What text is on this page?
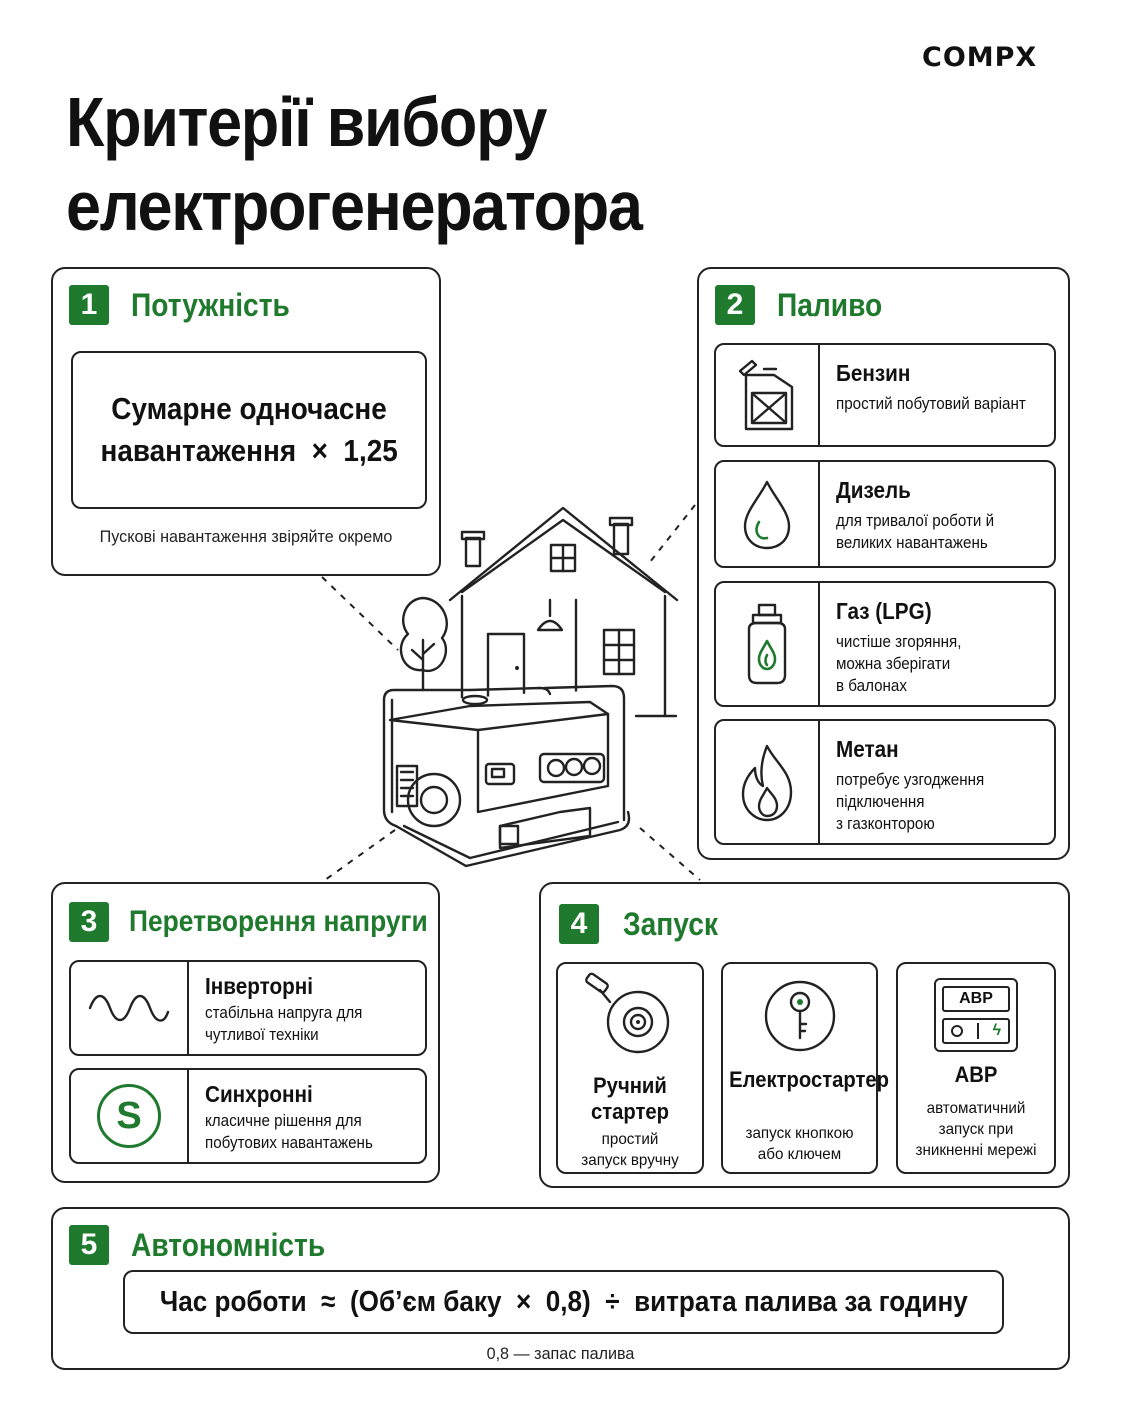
COMPX
Критерії вибору
електрогенератора
1	Потужність
Сумарне одночасне
навантаження  ×  1,25
Пускові навантаження звіряйте окремо
2	Паливо
Бензин
простий побутовий варіант
Дизель
для тривалої роботи й
великих навантажень
Газ (LPG)
чистіше згоряння,
можна зберігати
в балонах
Метан
потребує узгодження
підключення
з газконторою
3	Перетворення напруги
Інверторні
стабільна напруга для
чутливої техніки
S
Синхронні
класичне рішення для
побутових навантажень
4	Запуск
Ручний
стартер
простий
запуск вручну
Електростартер
запуск кнопкою
або ключем
АВР
ϟ
АВР
автоматичний
запуск при
зникненні мережі
5	Автономність
Час роботи  ≈  (Об’єм баку  ×  0,8)  ÷  витрата палива за годину
0,8 — запас палива
